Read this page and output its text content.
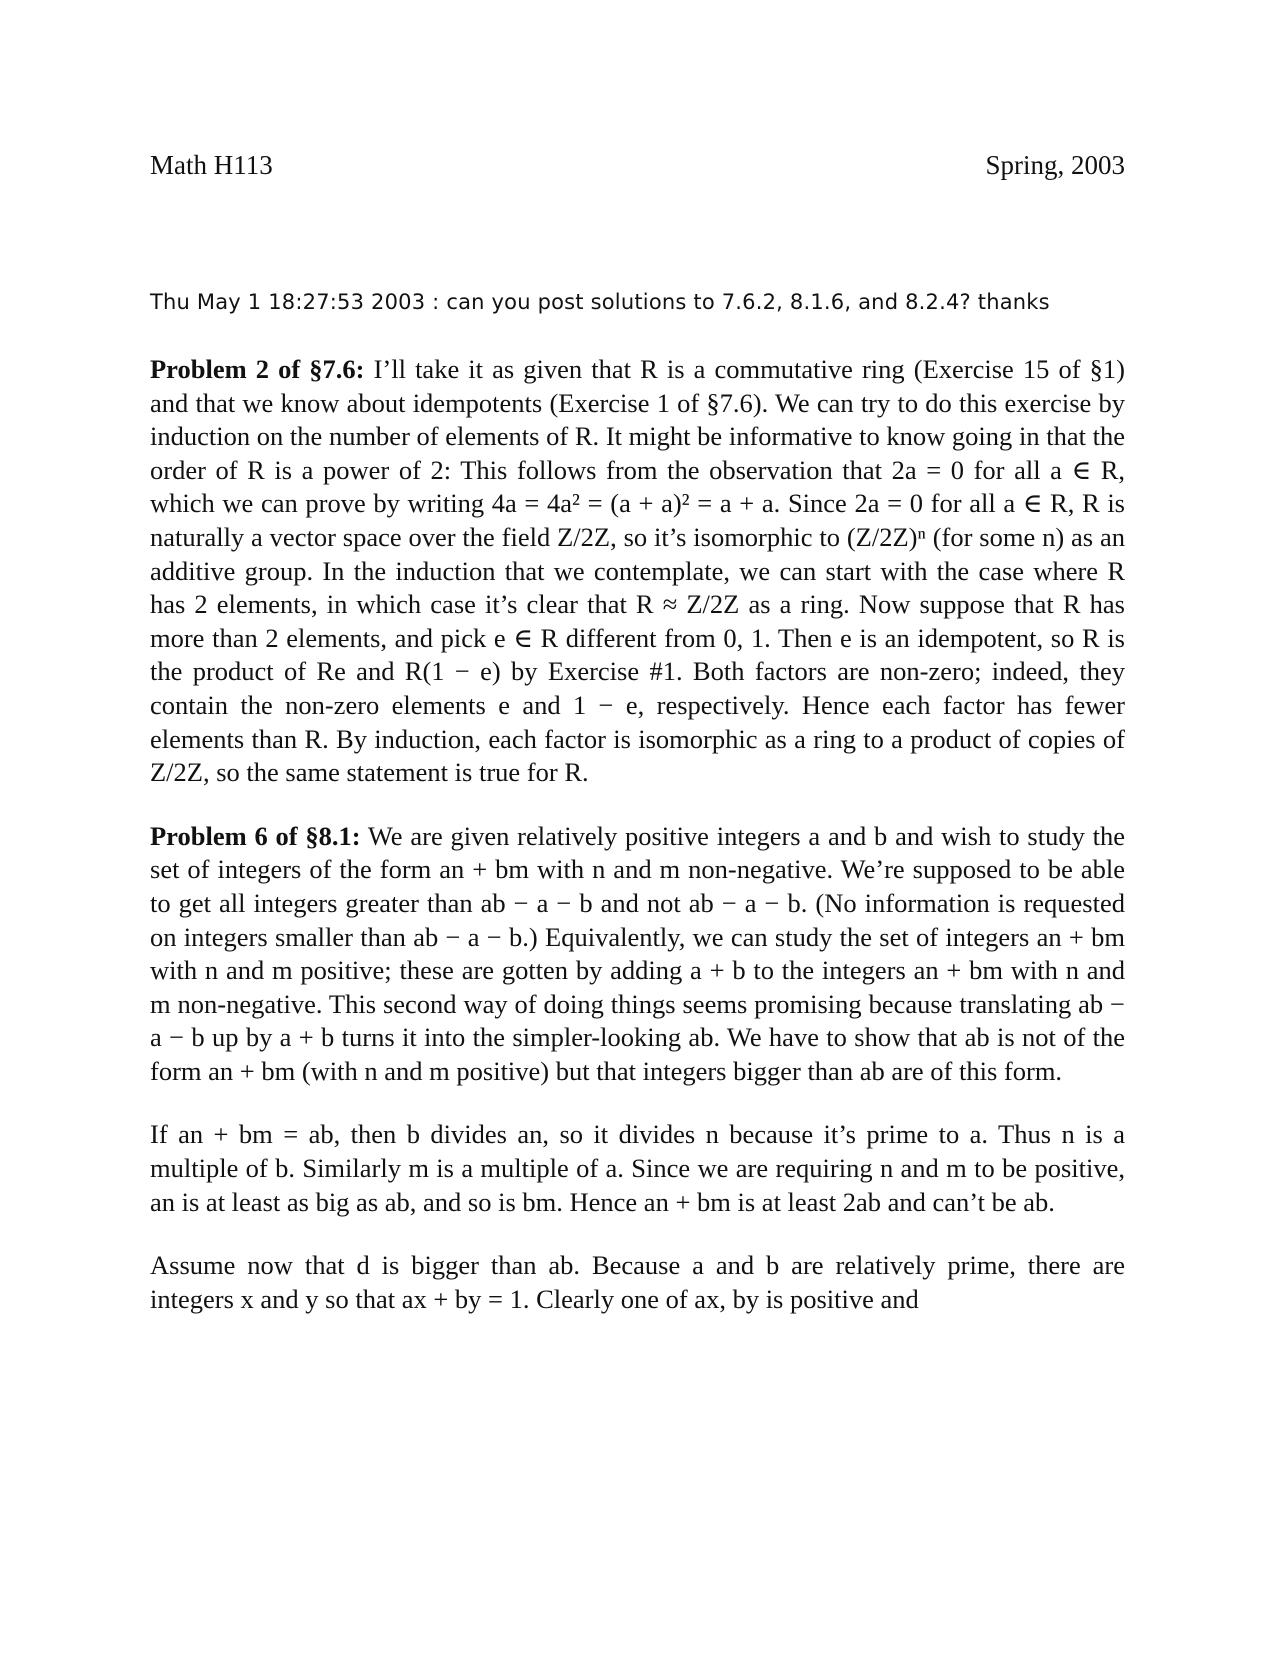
Math H113	Spring, 2003
Thu May 1 18:27:53 2003 : can you post solutions to 7.6.2, 8.1.6, and 8.2.4? thanks

Problem 2 of §7.6: I’ll take it as given that R is a commutative ring (Exercise 15 of §1) and that we know about idempotents (Exercise 1 of §7.6). We can try to do this exercise by induction on the number of elements of R. It might be informative to know going in that the order of R is a power of 2: This follows from the observation that 2a = 0 for all a ∈ R, which we can prove by writing 4a = 4a² = (a + a)² = a + a. Since 2a = 0 for all a ∈ R, R is naturally a vector space over the field Z/2Z, so it’s isomorphic to (Z/2Z)ⁿ (for some n) as an additive group. In the induction that we contemplate, we can start with the case where R has 2 elements, in which case it’s clear that R ≈ Z/2Z as a ring. Now suppose that R has more than 2 elements, and pick e ∈ R different from 0, 1. Then e is an idempotent, so R is the product of Re and R(1 − e) by Exercise #1. Both factors are non-zero; indeed, they contain the non-zero elements e and 1 − e, respectively. Hence each factor has fewer elements than R. By induction, each factor is isomorphic as a ring to a product of copies of Z/2Z, so the same statement is true for R.

Problem 6 of §8.1: We are given relatively positive integers a and b and wish to study the set of integers of the form an + bm with n and m non-negative. We’re supposed to be able to get all integers greater than ab − a − b and not ab − a − b. (No information is requested on integers smaller than ab − a − b.) Equivalently, we can study the set of integers an + bm with n and m positive; these are gotten by adding a + b to the integers an + bm with n and m non-negative. This second way of doing things seems promising because translating ab − a − b up by a + b turns it into the simpler-looking ab. We have to show that ab is not of the form an + bm (with n and m positive) but that integers bigger than ab are of this form.

If an + bm = ab, then b divides an, so it divides n because it’s prime to a. Thus n is a multiple of b. Similarly m is a multiple of a. Since we are requiring n and m to be positive, an is at least as big as ab, and so is bm. Hence an + bm is at least 2ab and can’t be ab.

Assume now that d is bigger than ab. Because a and b are relatively prime, there are integers x and y so that ax + by = 1. Clearly one of ax, by is positive and
